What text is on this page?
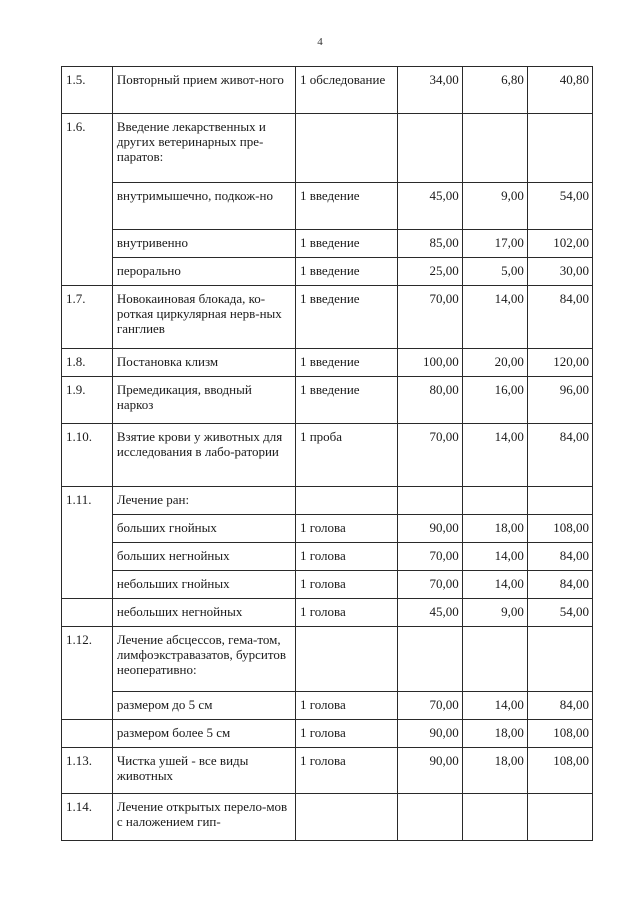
4
1.5.	Повторный прием живот-ного	1 обследование	34,00	6,80	40,80
1.6.	Введение лекарственных и других ветеринарных пре-паратов:				
	внутримышечно, подкож-но	1 введение	45,00	9,00	54,00
	внутривенно	1 введение	85,00	17,00	102,00
	перорально	1 введение	25,00	5,00	30,00
1.7.	Новокаиновая блокада, ко-роткая циркулярная нерв-ных ганглиев	1 введение	70,00	14,00	84,00
1.8.	Постановка клизм	1 введение	100,00	20,00	120,00
1.9.	Премедикация, вводный наркоз	1 введение	80,00	16,00	96,00
1.10.	Взятие крови у животных для исследования в лабо-ратории	1 проба	70,00	14,00	84,00
1.11.	Лечение ран:				
	больших гнойных	1 голова	90,00	18,00	108,00
	больших негнойных	1 голова	70,00	14,00	84,00
	небольших гнойных	1 голова	70,00	14,00	84,00
	небольших негнойных	1 голова	45,00	9,00	54,00
1.12.	Лечение абсцессов, гема-том, лимфоэкстравазатов, бурситов неоперативно:				
	размером до 5 см	1 голова	70,00	14,00	84,00
	размером более 5 см	1 голова	90,00	18,00	108,00
1.13.	Чистка ушей - все виды животных	1 голова	90,00	18,00	108,00
1.14.	Лечение открытых перело-мов с наложением гип-				
